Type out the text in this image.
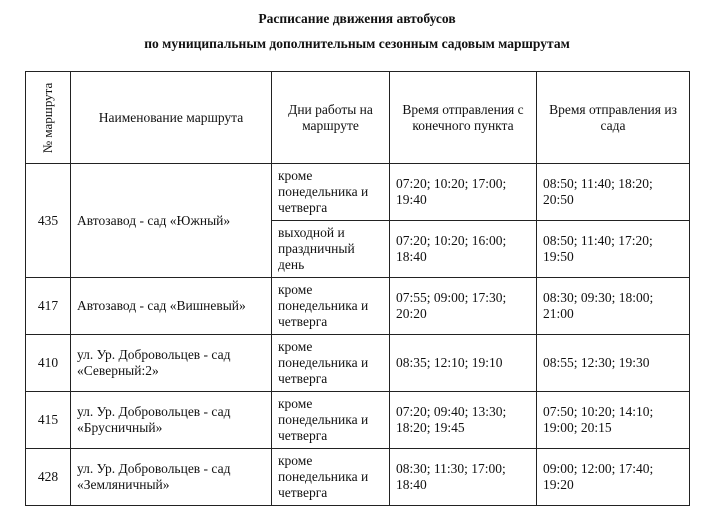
Расписание движения автобусов
по муниципальным дополнительным сезонным садовым маршрутам
№ маршрута	Наименование маршрута	Дни работы на маршруте	Время отправления с конечного пункта	Время отправления из сада
435	Автозавод - сад «Южный»	кроме понедельника и четверга	07:20; 10:20; 17:00; 19:40	08:50; 11:40; 18:20; 20:50
		выходной и праздничный день	07:20; 10:20; 16:00; 18:40	08:50; 11:40; 17:20; 19:50
417	Автозавод - сад «Вишневый»	кроме понедельника и четверга	07:55; 09:00; 17:30; 20:20	08:30; 09:30; 18:00; 21:00
410	ул. Ур. Добровольцев - сад «Северный:2»	кроме понедельника и четверга	08:35; 12:10; 19:10	08:55; 12:30; 19:30
415	ул. Ур. Добровольцев - сад «Брусничный»	кроме понедельника и четверга	07:20; 09:40; 13:30; 18:20; 19:45	07:50; 10:20; 14:10; 19:00; 20:15
428	ул. Ур. Добровольцев - сад «Земляничный»	кроме понедельника и четверга	08:30; 11:30; 17:00; 18:40	09:00; 12:00; 17:40; 19:20
